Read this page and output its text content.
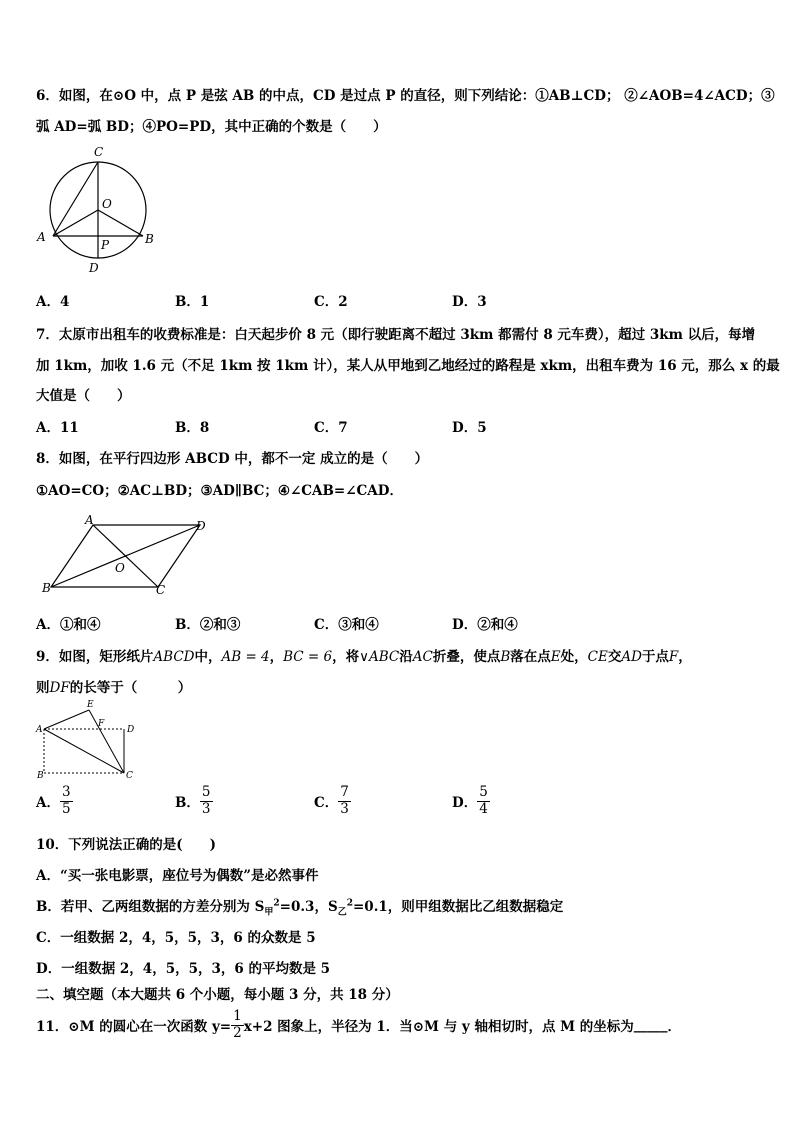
6．如图，在⊙O 中，点 P 是弦 AB 的中点，CD 是过点 P 的直径，则下列结论：①AB⊥CD； ②∠AOB=4∠ACD；③
弧 AD=弧 BD；④PO=PD，其中正确的个数是（　　）
C
O
A	B
P
D
A．4	B．1	C．2	D．3
7．太原市出租车的收费标准是：白天起步价 8 元（即行驶距离不超过 3km 都需付 8 元车费），超过 3km 以后，每增
加 1km，加收 1.6 元（不足 1km 按 1km 计），某人从甲地到乙地经过的路程是 xkm，出租车费为 16 元，那么 x 的最
大值是（　　）
A．11	B．8	C．7	D．5
8．如图，在平行四边形 ABCD 中，都不一定 成立的是（　　）
①AO=CO；②AC⊥BD；③AD∥BC；④∠CAB=∠CAD．
A	D
B	C
O
A．①和④	B．②和③	C．③和④	D．②和④
9．如图，矩形纸片ABCD中，AB = 4，BC = 6，将∨ABC沿AC折叠，使点B落在点E处，CE交AD于点F，
则DF的长等于（　　　）
A
E
F
D
B	C
A． $\frac{3}{5}$	B． $\frac{5}{3}$	C． $\frac{7}{3}$	D． $\frac{5}{4}$
10．下列说法正确的是(　　)
A．“买一张电影票，座位号为偶数”是必然事件
B．若甲、乙两组数据的方差分别为 $S_甲^2=0.3$，$S_乙^2=0.1$，则甲组数据比乙组数据稳定
C．一组数据 2，4，5，5，3，6 的众数是 5
D．一组数据 2，4，5，5，3，6 的平均数是 5
二、填空题（本大题共 6 个小题，每小题 3 分，共 18 分）
11．⊙M 的圆心在一次函数 $y= \frac{1}{2} x+2$ 图象上，半径为 1．当⊙M 与 y 轴相切时，点 M 的坐标为_____．
